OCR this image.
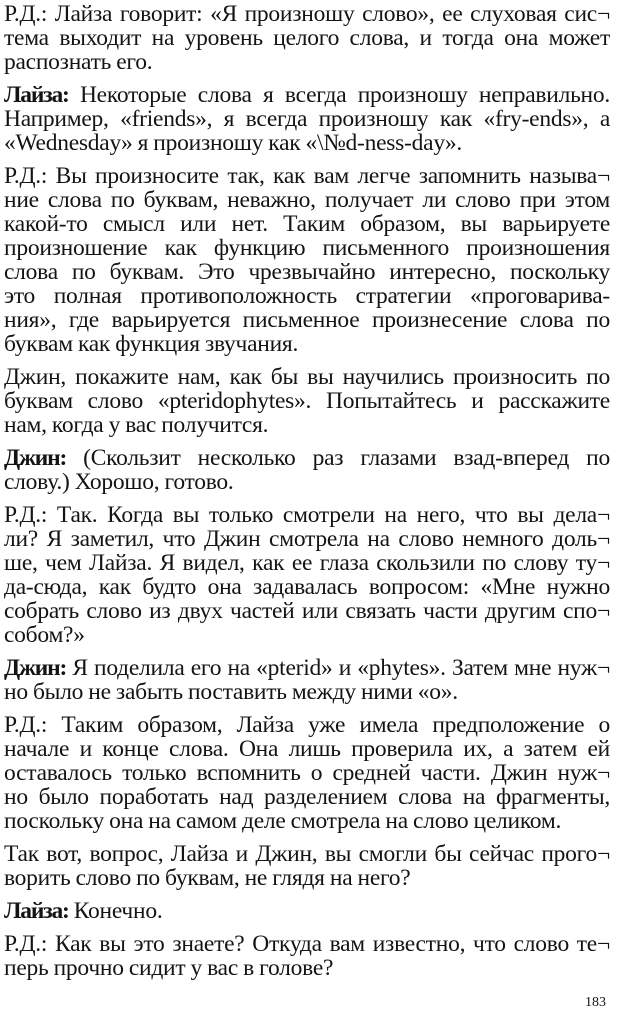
Р.Д.: Лайза говорит: «Я произношу слово», ее слуховая сис¬
тема выходит на уровень целого слова, и тогда она может
распознать его.

Лайза: Некоторые слова я всегда произношу неправильно.
Например, «friends», я всегда произношу как «fry-ends», а
«Wednesday» я произношу как «\№d-ness-day».

Р.Д.: Вы произносите так, как вам легче запомнить называ¬
ние слова по буквам, неважно, получает ли слово при этом
какой-то смысл или нет. Таким образом, вы варьируете
произношение как функцию письменного произношения
слова по буквам. Это чрезвычайно интересно, поскольку
это полная противоположность стратегии «проговарива-
ния», где варьируется письменное произнесение слова по
буквам как функция звучания.

Джин, покажите нам, как бы вы научились произносить по
буквам слово «pteridophytes». Попытайтесь и расскажите
нам, когда у вас получится.

Джин: (Скользит несколько раз глазами взад-вперед по
слову.) Хорошо, готово.

Р.Д.: Так. Когда вы только смотрели на него, что вы дела¬
ли? Я заметил, что Джин смотрела на слово немного доль¬
ше, чем Лайза. Я видел, как ее глаза скользили по слову ту¬
да-сюда, как будто она задавалась вопросом: «Мне нужно
собрать слово из двух частей или связать части другим спо¬
собом?»

Джин: Я поделила его на «pterid» и «phytes». Затем мне нуж¬
но было не забыть поставить между ними «о».

Р.Д.: Таким образом, Лайза уже имела предположение о
начале и конце слова. Она лишь проверила их, а затем ей
оставалось только вспомнить о средней части. Джин нуж¬
но было поработать над разделением слова на фрагменты,
поскольку она на самом деле смотрела на слово целиком.

Так вот, вопрос, Лайза и Джин, вы смогли бы сейчас прого¬
ворить слово по буквам, не глядя на него?

Лайза: Конечно.

Р.Д.: Как вы это знаете? Откуда вам известно, что слово те¬
перь прочно сидит у вас в голове?

183
